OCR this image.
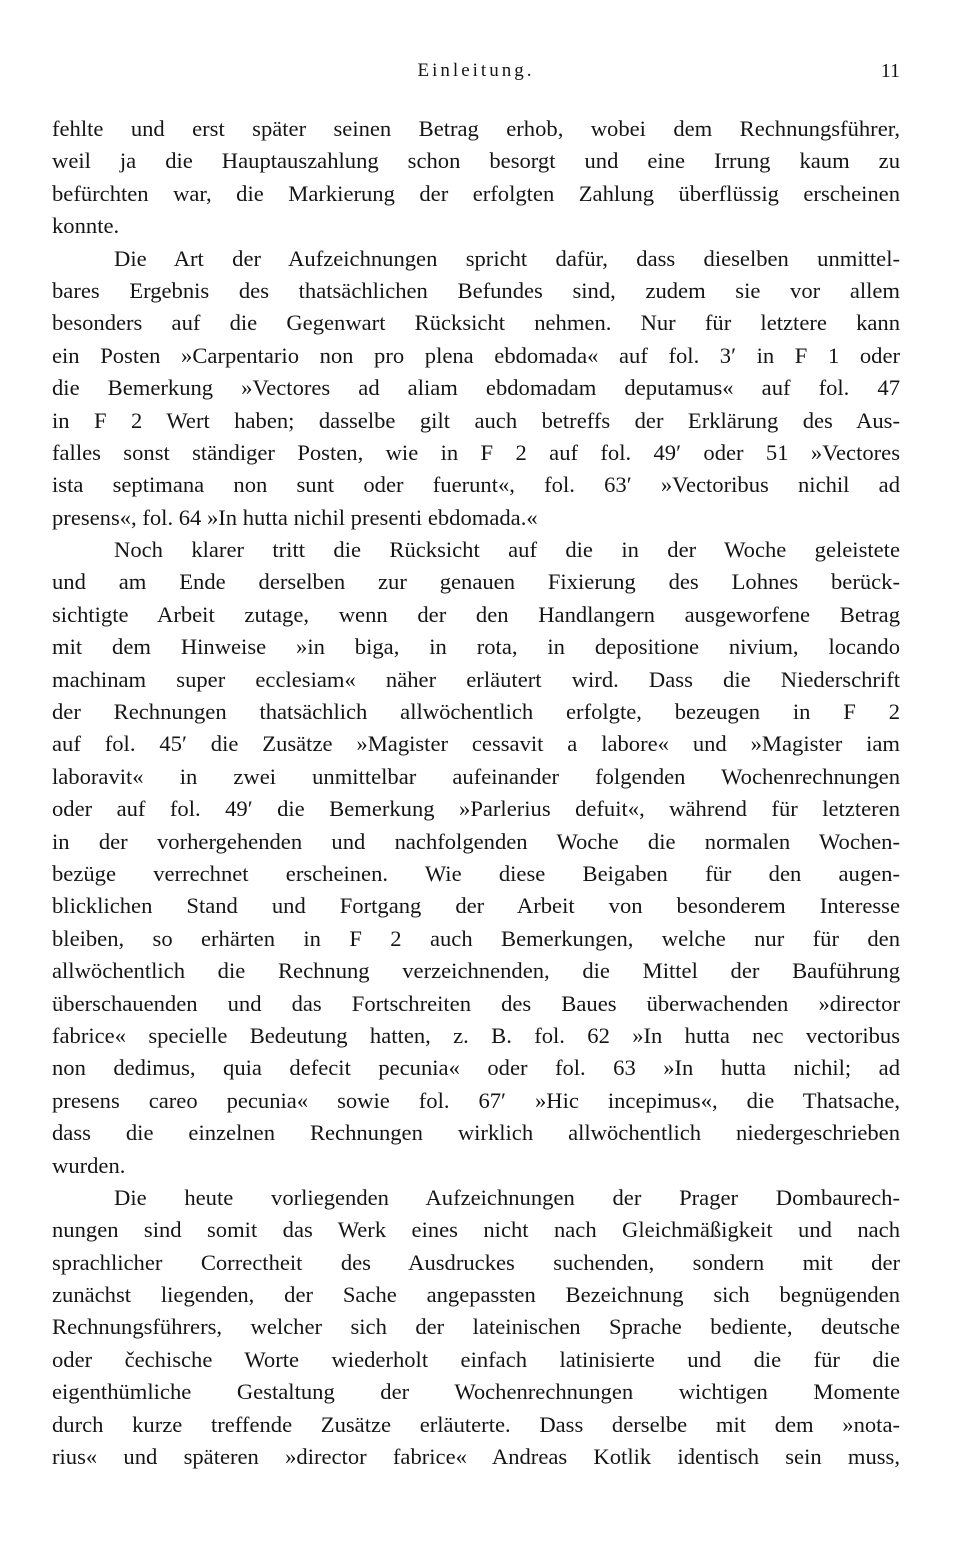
Einleitung.	11
fehlte und erst später seinen Betrag erhob, wobei dem Rechnungsführer,
weil ja die Hauptauszahlung schon besorgt und eine Irrung kaum zu
befürchten war, die Markierung der erfolgten Zahlung überflüssig erscheinen
konnte.
Die Art der Aufzeichnungen spricht dafür, dass dieselben unmittel-
bares Ergebnis des thatsächlichen Befundes sind, zudem sie vor allem
besonders auf die Gegenwart Rücksicht nehmen. Nur für letztere kann
ein Posten »Carpentario non pro plena ebdomada« auf fol. 3′ in F 1 oder
die Bemerkung »Vectores ad aliam ebdomadam deputamus« auf fol. 47
in F 2 Wert haben; dasselbe gilt auch betreffs der Erklärung des Aus-
falles sonst ständiger Posten, wie in F 2 auf fol. 49′ oder 51 »Vectores
ista septimana non sunt oder fuerunt«, fol. 63′ »Vectoribus nichil ad
presens«, fol. 64 »In hutta nichil presenti ebdomada.«
Noch klarer tritt die Rücksicht auf die in der Woche geleistete
und am Ende derselben zur genauen Fixierung des Lohnes berück-
sichtigte Arbeit zutage, wenn der den Handlangern ausgeworfene Betrag
mit dem Hinweise »in biga, in rota, in depositione nivium, locando
machinam super ecclesiam« näher erläutert wird. Dass die Niederschrift
der Rechnungen thatsächlich allwöchentlich erfolgte, bezeugen in F 2
auf fol. 45′ die Zusätze »Magister cessavit a labore« und »Magister iam
laboravit« in zwei unmittelbar aufeinander folgenden Wochenrechnungen
oder auf fol. 49′ die Bemerkung »Parlerius defuit«, während für letzteren
in der vorhergehenden und nachfolgenden Woche die normalen Wochen-
bezüge verrechnet erscheinen. Wie diese Beigaben für den augen-
blicklichen Stand und Fortgang der Arbeit von besonderem Interesse
bleiben, so erhärten in F 2 auch Bemerkungen, welche nur für den
allwöchentlich die Rechnung verzeichnenden, die Mittel der Bauführung
überschauenden und das Fortschreiten des Baues überwachenden »director
fabrice« specielle Bedeutung hatten, z. B. fol. 62 »In hutta nec vectoribus
non dedimus, quia defecit pecunia« oder fol. 63 »In hutta nichil; ad
presens careo pecunia« sowie fol. 67′ »Hic incepimus«, die Thatsache,
dass die einzelnen Rechnungen wirklich allwöchentlich niedergeschrieben
wurden.
Die heute vorliegenden Aufzeichnungen der Prager Dombaurech-
nungen sind somit das Werk eines nicht nach Gleichmäßigkeit und nach
sprachlicher Correctheit des Ausdruckes suchenden, sondern mit der
zunächst liegenden, der Sache angepassten Bezeichnung sich begnügenden
Rechnungsführers, welcher sich der lateinischen Sprache bediente, deutsche
oder čechische Worte wiederholt einfach latinisierte und die für die
eigenthümliche Gestaltung der Wochenrechnungen wichtigen Momente
durch kurze treffende Zusätze erläuterte. Dass derselbe mit dem »nota-
rius« und späteren »director fabrice« Andreas Kotlik identisch sein muss,
